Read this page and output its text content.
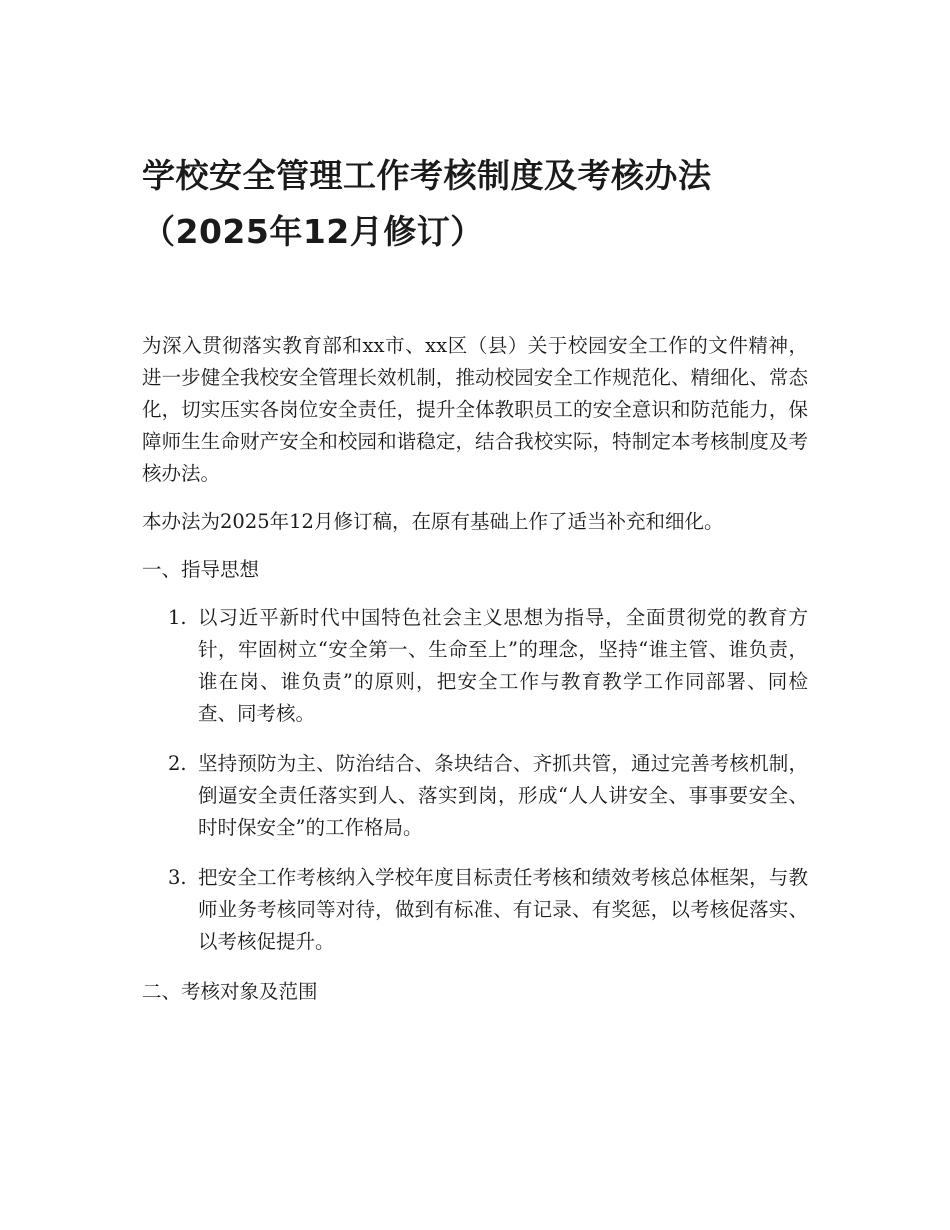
学校安全管理工作考核制度及考核办法
（2025年12月修订）

为深入贯彻落实教育部和xx市、xx区（县）关于校园安全工作的文件精神，进一步健全我校安全管理长效机制，推动校园安全工作规范化、精细化、常态化，切实压实各岗位安全责任，提升全体教职员工的安全意识和防范能力，保障师生生命财产安全和校园和谐稳定，结合我校实际，特制定本考核制度及考核办法。

本办法为2025年12月修订稿，在原有基础上作了适当补充和细化。

一、指导思想

1. 以习近平新时代中国特色社会主义思想为指导，全面贯彻党的教育方针，牢固树立“安全第一、生命至上”的理念，坚持“谁主管、谁负责，谁在岗、谁负责”的原则，把安全工作与教育教学工作同部署、同检查、同考核。
2. 坚持预防为主、防治结合、条块结合、齐抓共管，通过完善考核机制，倒逼安全责任落实到人、落实到岗，形成“人人讲安全、事事要安全、时时保安全”的工作格局。
3. 把安全工作考核纳入学校年度目标责任考核和绩效考核总体框架，与教师业务考核同等对待，做到有标准、有记录、有奖惩，以考核促落实、以考核促提升。

二、考核对象及范围
